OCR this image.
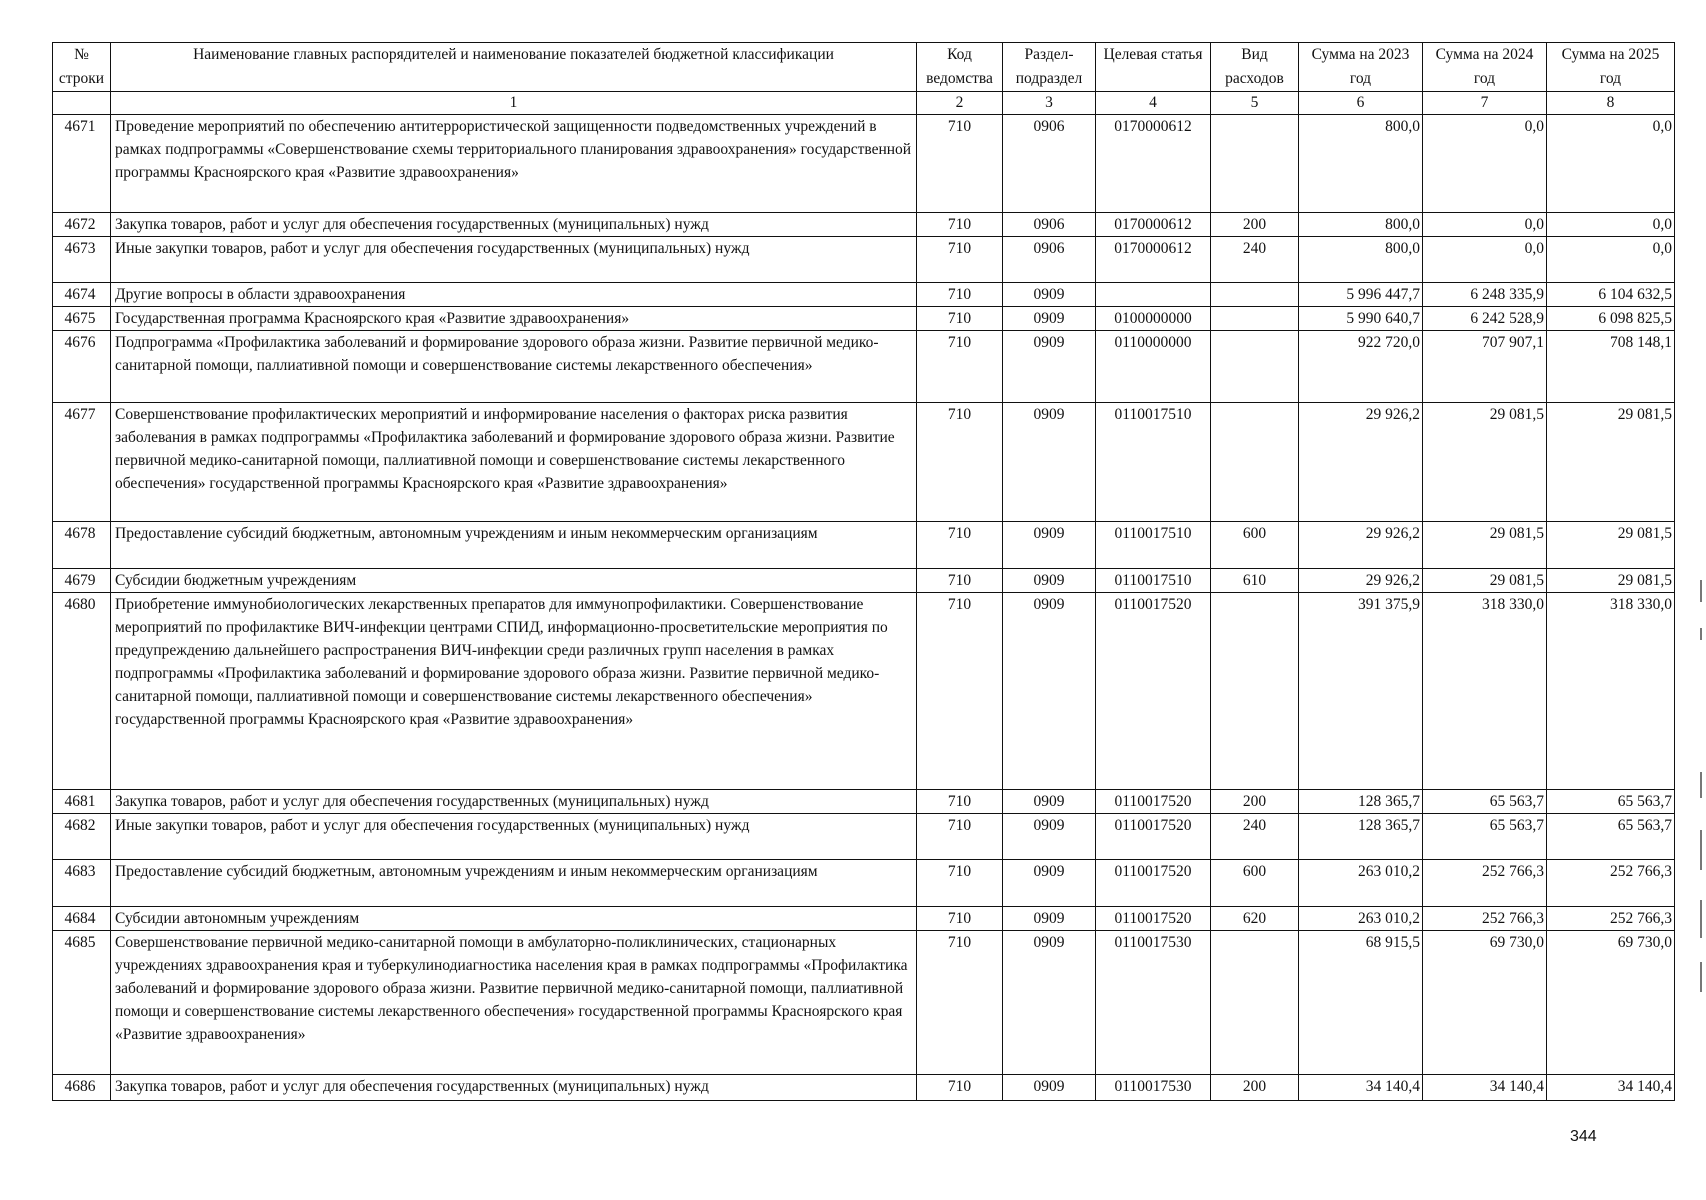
№ строки	Наименование главных распорядителей и наименование показателей бюджетной классификации	Код ведомства	Раздел-подраздел	Целевая статья	Вид расходов	Сумма на 2023 год	Сумма на 2024 год	Сумма на 2025 год
	1	2	3	4	5	6	7	8
4671	Проведение мероприятий по обеспечению антитеррористической защищенности подведомственных учреждений в рамках подпрограммы «Совершенствование схемы территориального планирования здравоохранения» государственной программы Красноярского края «Развитие здравоохранения»	710	0906	0170000612		800,0	0,0	0,0
4672	Закупка товаров, работ и услуг для обеспечения государственных (муниципальных) нужд	710	0906	0170000612	200	800,0	0,0	0,0
4673	Иные закупки товаров, работ и услуг для обеспечения государственных (муниципальных) нужд	710	0906	0170000612	240	800,0	0,0	0,0
4674	Другие вопросы в области здравоохранения	710	0909			5 996 447,7	6 248 335,9	6 104 632,5
4675	Государственная программа Красноярского края «Развитие здравоохранения»	710	0909	0100000000		5 990 640,7	6 242 528,9	6 098 825,5
4676	Подпрограмма «Профилактика заболеваний и формирование здорового образа жизни. Развитие первичной медико-санитарной помощи, паллиативной помощи и совершенствование системы лекарственного обеспечения»	710	0909	0110000000		922 720,0	707 907,1	708 148,1
4677	Совершенствование профилактических мероприятий и информирование населения о факторах риска развития заболевания в рамках подпрограммы «Профилактика заболеваний и формирование здорового образа жизни. Развитие первичной медико-санитарной помощи, паллиативной помощи и совершенствование системы лекарственного обеспечения» государственной программы Красноярского края «Развитие здравоохранения»	710	0909	0110017510		29 926,2	29 081,5	29 081,5
4678	Предоставление субсидий бюджетным, автономным учреждениям и иным некоммерческим организациям	710	0909	0110017510	600	29 926,2	29 081,5	29 081,5
4679	Субсидии бюджетным учреждениям	710	0909	0110017510	610	29 926,2	29 081,5	29 081,5
4680	Приобретение иммунобиологических лекарственных препаратов для иммунопрофилактики. Совершенствование мероприятий по профилактике ВИЧ-инфекции центрами СПИД, информационно-просветительские мероприятия по предупреждению дальнейшего распространения ВИЧ-инфекции среди различных групп населения в рамках подпрограммы «Профилактика заболеваний и формирование здорового образа жизни. Развитие первичной медико-санитарной помощи, паллиативной помощи и совершенствование системы лекарственного обеспечения» государственной программы Красноярского края «Развитие здравоохранения»	710	0909	0110017520		391 375,9	318 330,0	318 330,0
4681	Закупка товаров, работ и услуг для обеспечения государственных (муниципальных) нужд	710	0909	0110017520	200	128 365,7	65 563,7	65 563,7
4682	Иные закупки товаров, работ и услуг для обеспечения государственных (муниципальных) нужд	710	0909	0110017520	240	128 365,7	65 563,7	65 563,7
4683	Предоставление субсидий бюджетным, автономным учреждениям и иным некоммерческим организациям	710	0909	0110017520	600	263 010,2	252 766,3	252 766,3
4684	Субсидии автономным учреждениям	710	0909	0110017520	620	263 010,2	252 766,3	252 766,3
4685	Совершенствование первичной медико-санитарной помощи в амбулаторно-поликлинических, стационарных учреждениях здравоохранения края и туберкулинодиагностика населения края в рамках подпрограммы «Профилактика заболеваний и формирование здорового образа жизни. Развитие первичной медико-санитарной помощи, паллиативной помощи и совершенствование системы лекарственного обеспечения» государственной программы Красноярского края «Развитие здравоохранения»	710	0909	0110017530		68 915,5	69 730,0	69 730,0
4686	Закупка товаров, работ и услуг для обеспечения государственных (муниципальных) нужд	710	0909	0110017530	200	34 140,4	34 140,4	34 140,4
344
